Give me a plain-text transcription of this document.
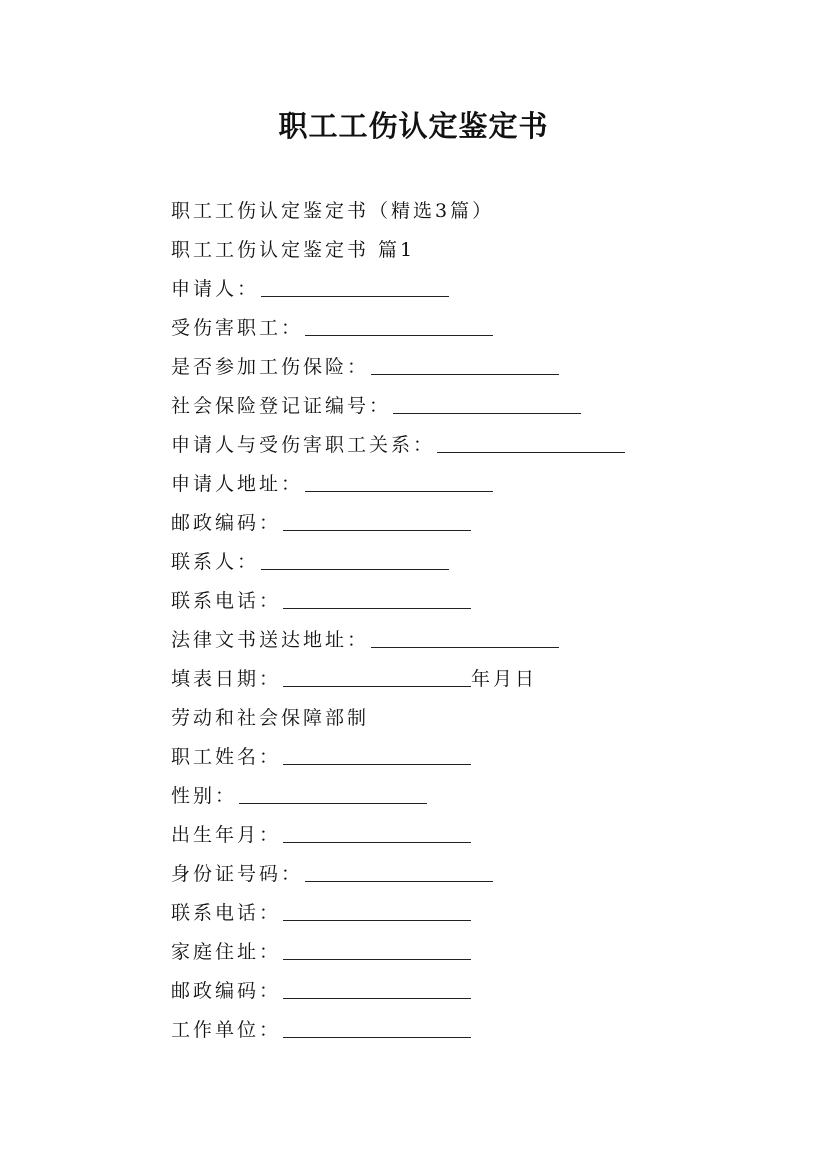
职工工伤认定鉴定书
职工工伤认定鉴定书（精选3篇）
职工工伤认定鉴定书 篇1
申请人：
受伤害职工：
是否参加工伤保险：
社会保险登记证编号：
申请人与受伤害职工关系：
申请人地址：
邮政编码：
联系人：
联系电话：
法律文书送达地址：
填表日期：	年月日
劳动和社会保障部制
职工姓名：
性别：
出生年月：
身份证号码：
联系电话：
家庭住址：
邮政编码：
工作单位：
